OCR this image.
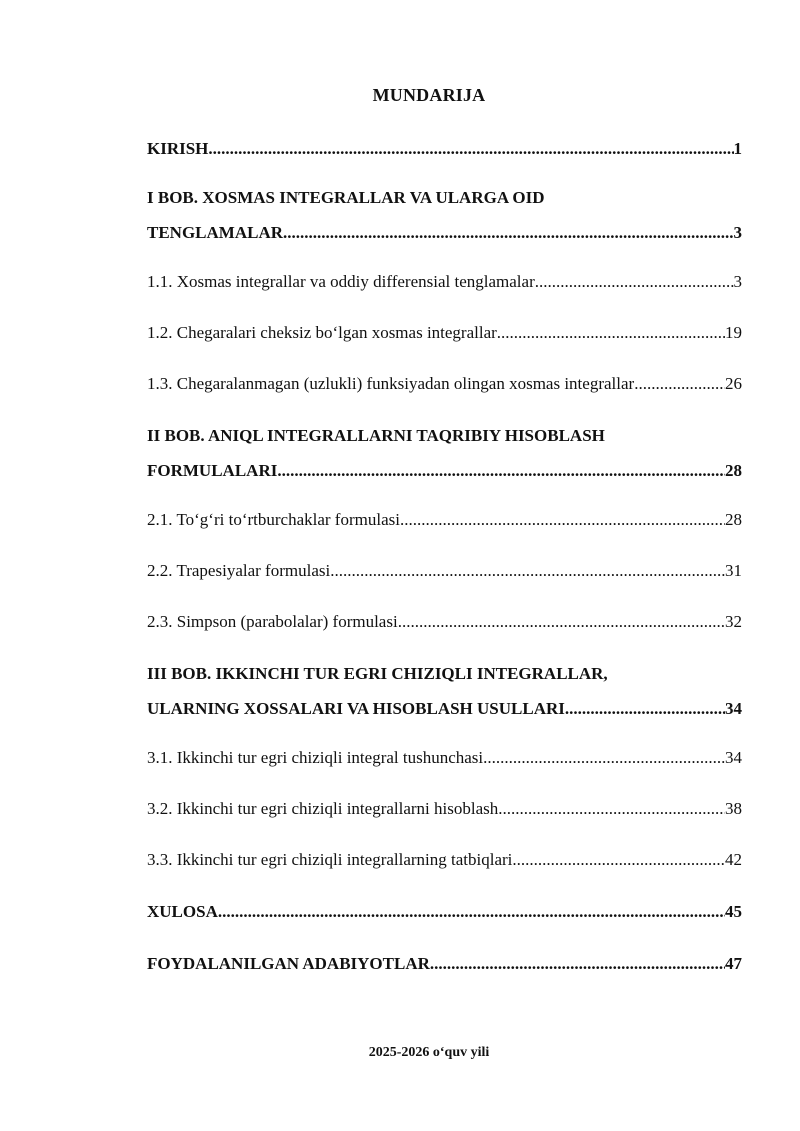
MUNDARIJA
KIRISH .....	1
I BOB. XOSMAS INTEGRALLAR VA ULARGA OID
TENGLAMALAR .....	3
1.1. Xosmas integrallar va oddiy differensial tenglamalar .....	3
1.2. Chegaralari cheksiz bo‘lgan xosmas integrallar .....	19
1.3. Chegaralanmagan (uzlukli) funksiyadan olingan xosmas integrallar .....	26
II BOB. ANIQL INTEGRALLARNI TAQRIBIY HISOBLASH
FORMULALARI .....	28
2.1. To‘g‘ri to‘rtburchaklar formulasi .....	28
2.2. Trapesiyalar formulasi .....	31
2.3. Simpson (parabolalar) formulasi .....	32
III BOB. IKKINCHI TUR EGRI CHIZIQLI INTEGRALLAR,
ULARNING XOSSALARI VA HISOBLASH USULLARI .....	34
3.1. Ikkinchi tur egri chiziqli integral tushunchasi .....	34
3.2. Ikkinchi tur egri chiziqli integrallarni hisoblash .....	38
3.3. Ikkinchi tur egri chiziqli integrallarning tatbiqlari .....	42
XULOSA .....	45
FOYDALANILGAN ADABIYOTLAR .....	47
2025-2026 o‘quv yili
